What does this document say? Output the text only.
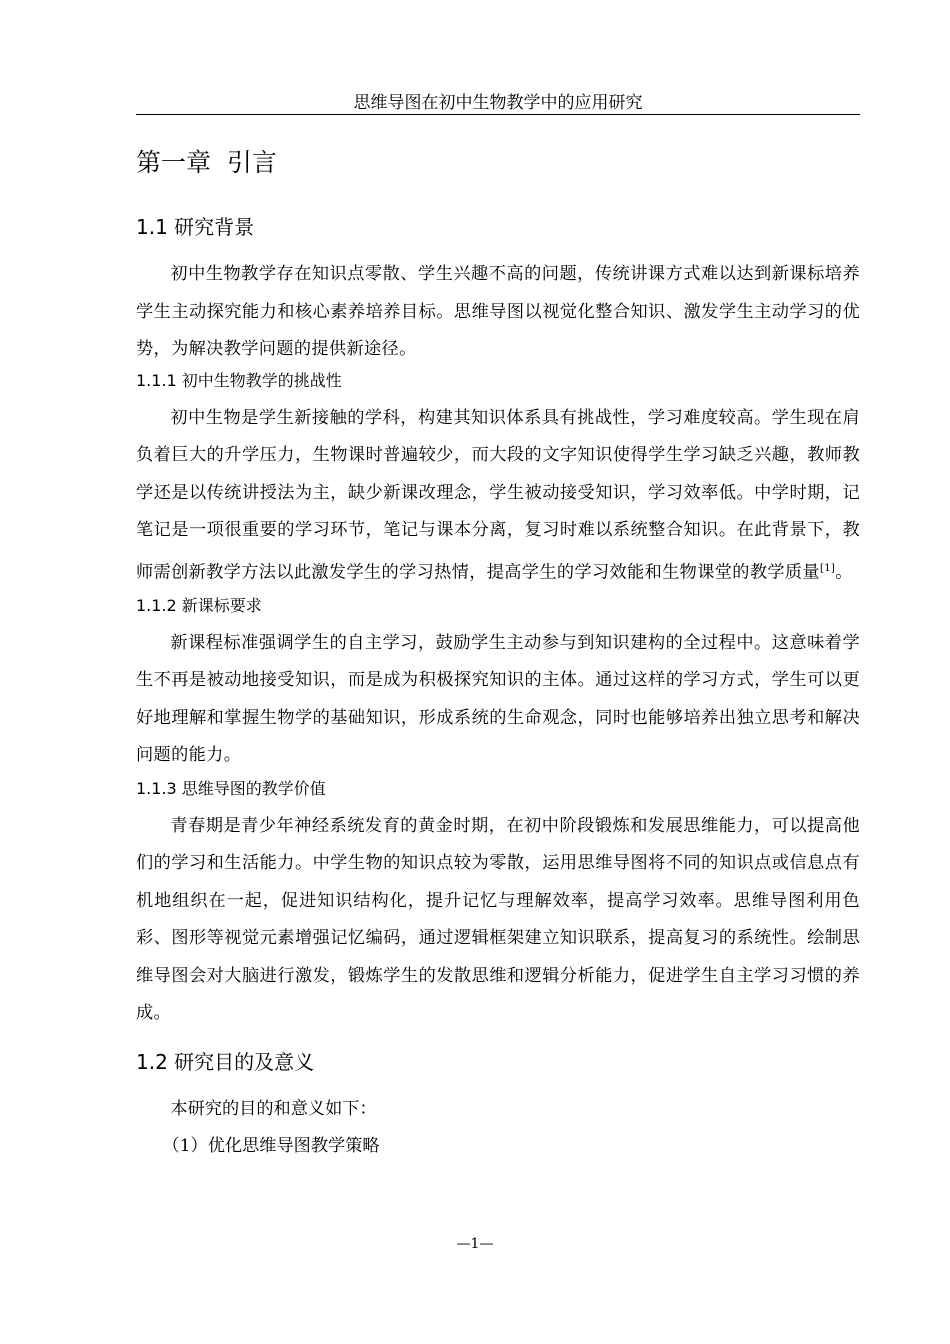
思维导图在初中生物教学中的应用研究
第一章  引言
1.1 研究背景

初中生物教学存在知识点零散、学生兴趣不高的问题，传统讲课方式难以达到新课标培养学生主动探究能力和核心素养培养目标。思维导图以视觉化整合知识、激发学生主动学习的优势，为解决教学问题的提供新途径。

1.1.1 初中生物教学的挑战性

初中生物是学生新接触的学科，构建其知识体系具有挑战性，学习难度较高。学生现在肩负着巨大的升学压力，生物课时普遍较少，而大段的文字知识使得学生学习缺乏兴趣，教师教学还是以传统讲授法为主，缺少新课改理念，学生被动接受知识，学习效率低。中学时期，记笔记是一项很重要的学习环节，笔记与课本分离，复习时难以系统整合知识。在此背景下，教师需创新教学方法以此激发学生的学习热情，提高学生的学习效能和生物课堂的教学质量[1]。

1.1.2 新课标要求

新课程标准强调学生的自主学习，鼓励学生主动参与到知识建构的全过程中。这意味着学生不再是被动地接受知识，而是成为积极探究知识的主体。通过这样的学习方式，学生可以更好地理解和掌握生物学的基础知识，形成系统的生命观念，同时也能够培养出独立思考和解决问题的能力。

1.1.3 思维导图的教学价值

青春期是青少年神经系统发育的黄金时期，在初中阶段锻炼和发展思维能力，可以提高他们的学习和生活能力。中学生物的知识点较为零散，运用思维导图将不同的知识点或信息点有机地组织在一起，促进知识结构化，提升记忆与理解效率，提高学习效率。思维导图利用色彩、图形等视觉元素增强记忆编码，通过逻辑框架建立知识联系，提高复习的系统性。绘制思维导图会对大脑进行激发，锻炼学生的发散思维和逻辑分析能力，促进学生自主学习习惯的养成。

1.2 研究目的及意义

本研究的目的和意义如下：

（1）优化思维导图教学策略

—1—
